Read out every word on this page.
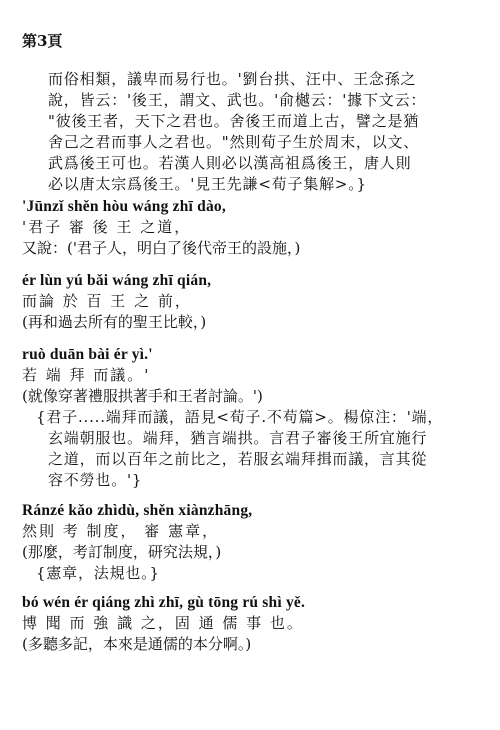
第3頁
而俗相類，議卑而易行也。'劉台拱、汪中、王念孫之
說，皆云：'後王，謂文、武也。'俞樾云：'據下文云：
"彼後王者，天下之君也。舍後王而道上古，譬之是猶
舍己之君而事人之君也。"然則荀子生於周末，以文、
武爲後王可也。若漢人則必以漢高祖爲後王，唐人則
必以唐太宗爲後王。'見王先謙<荀子集解>。}
'Jūnzǐ shěn hòu wáng zhī dào,
'君子 審 後 王 之道，
又說：('君子人，明白了後代帝王的設施，)
ér lùn yú bǎi wáng zhī qián,
而論 於 百 王 之 前，
(再和過去所有的聖王比較，)
ruò duān bài ér yì.'
若 端 拜 而議。'
(就像穿著禮服拱著手和王者討論。')
{君子.....端拜而議，語見<荀子.不苟篇>。楊倞注：'端，
玄端朝服也。端拜，猶言端拱。言君子審後王所宜施行
之道，而以百年之前比之，若服玄端拜揖而議，言其從
容不勞也。'}
Ránzé kǎo zhìdù, shěn xiànzhāng,
然則 考 制度， 審 憲章，
(那麼，考訂制度，研究法規，)
{憲章，法規也。}
bó wén ér qiáng zhì zhī, gù tōng rú shì yě.
博 聞 而 強 識 之，固 通 儒 事 也。
(多聽多記，本來是通儒的本分啊。)
